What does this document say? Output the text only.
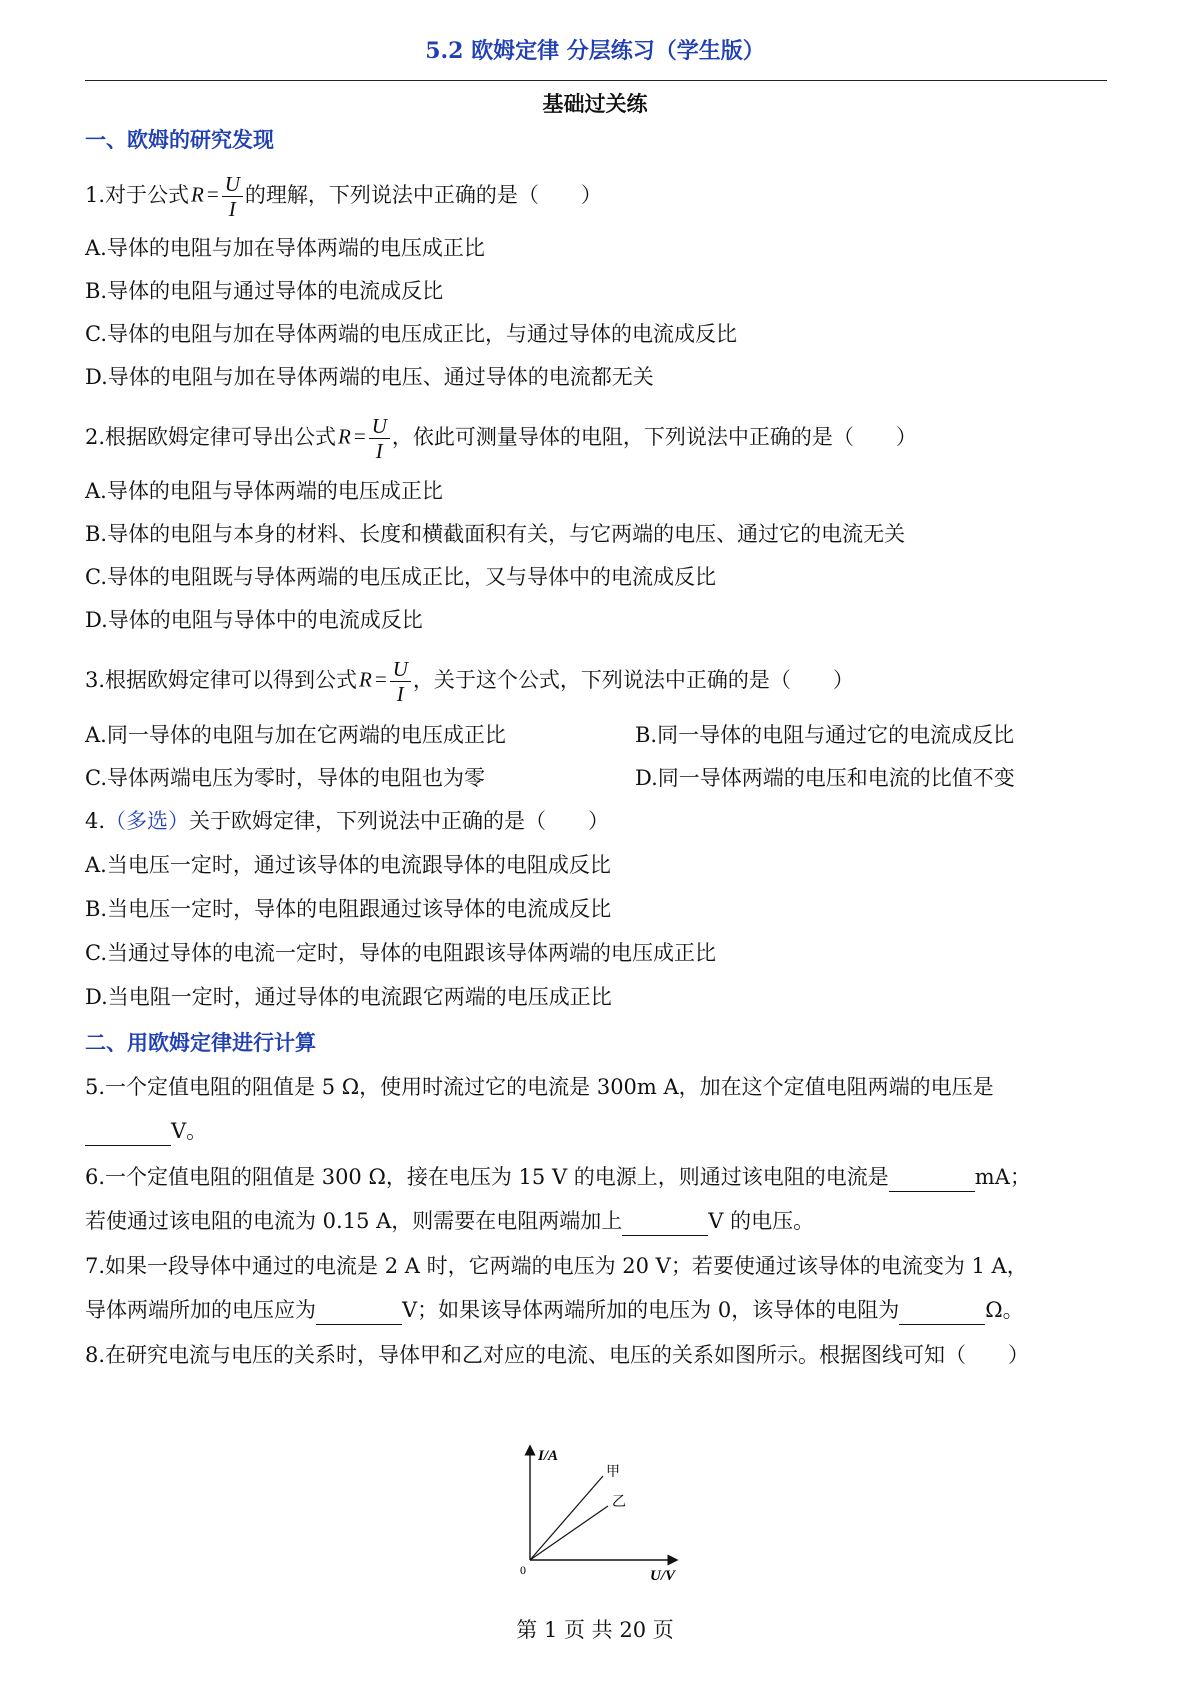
5.2 欧姆定律 分层练习（学生版）
基础过关练
一、欧姆的研究发现
1.对于公式$R = \frac{U}{I}$ 的理解，下列说法中正确的是（　　）
A.导体的电阻与加在导体两端的电压成正比
B.导体的电阻与通过导体的电流成反比
C.导体的电阻与加在导体两端的电压成正比，与通过导体的电流成反比
D.导体的电阻与加在导体两端的电压、通过导体的电流都无关
2.根据欧姆定律可导出公式$R = \frac{U}{I}$ ，依此可测量导体的电阻，下列说法中正确的是（　　）
A.导体的电阻与导体两端的电压成正比
B.导体的电阻与本身的材料、长度和横截面积有关，与它两端的电压、通过它的电流无关
C.导体的电阻既与导体两端的电压成正比，又与导体中的电流成反比
D.导体的电阻与导体中的电流成反比
3.根据欧姆定律可以得到公式$R = \frac{U}{I}$ ，关于这个公式，下列说法中正确的是（　　）
A.同一导体的电阻与加在它两端的电压成正比	B.同一导体的电阻与通过它的电流成反比
C.导体两端电压为零时，导体的电阻也为零	D.同一导体两端的电压和电流的比值不变
4.（多选）关于欧姆定律，下列说法中正确的是（　　）
A.当电压一定时，通过该导体的电流跟导体的电阻成反比
B.当电压一定时，导体的电阻跟通过该导体的电流成反比
C.当通过导体的电流一定时，导体的电阻跟该导体两端的电压成正比
D.当电阻一定时，通过导体的电流跟它两端的电压成正比
二、用欧姆定律进行计算
5.一个定值电阻的阻值是 5 Ω，使用时流过它的电流是 300m A，加在这个定值电阻两端的电压是
V。
6.一个定值电阻的阻值是 300 Ω，接在电压为 15 V 的电源上，则通过该电阻的电流是	mA；
若使通过该电阻的电流为 0.15 A，则需要在电阻两端加上	V 的电压。
7.如果一段导体中通过的电流是 2 A 时，它两端的电压为 20 V；若要使通过该导体的电流变为 1 A，
导体两端所加的电压应为	V；如果该导体两端所加的电压为 0，该导体的电阻为	Ω。
8.在研究电流与电压的关系时，导体甲和乙对应的电流、电压的关系如图所示。根据图线可知（　　）
I/A
0	U/V
甲
乙
第 1 页 共 20 页
